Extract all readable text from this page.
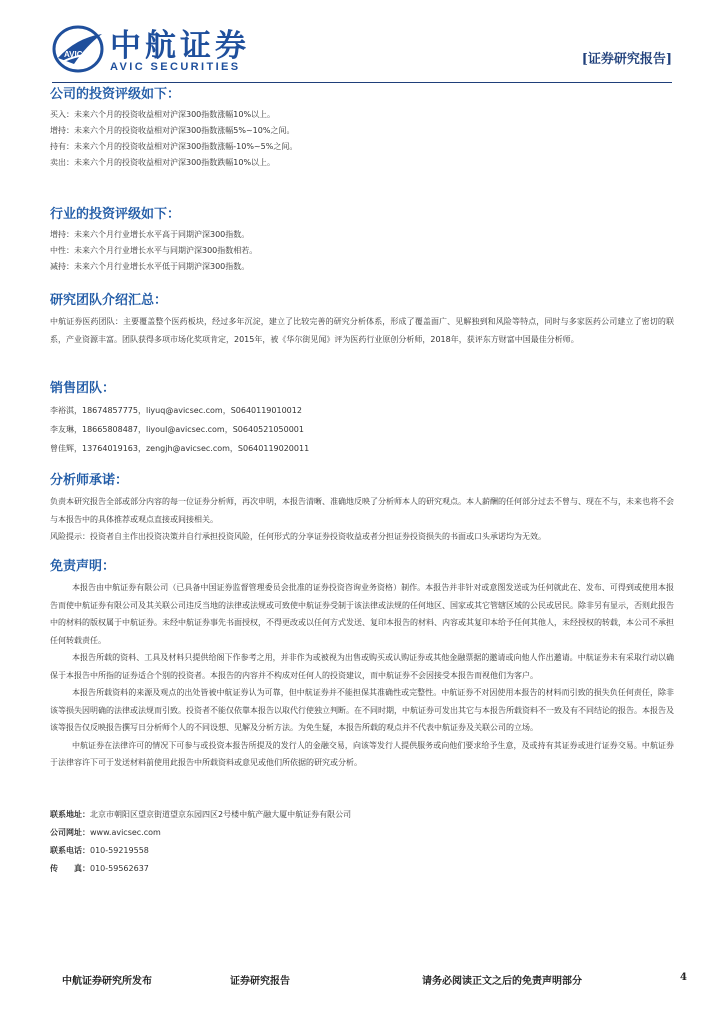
AVIC 中航证券
AVIC SECURITIES	[证券研究报告]
公司的投资评级如下：
买入：未来六个月的投资收益相对沪深300指数涨幅10%以上。
增持：未来六个月的投资收益相对沪深300指数涨幅5%~10%之间。
持有：未来六个月的投资收益相对沪深300指数涨幅-10%~5%之间。
卖出：未来六个月的投资收益相对沪深300指数跌幅10%以上。
行业的投资评级如下：
增持：未来六个月行业增长水平高于同期沪深300指数。
中性：未来六个月行业增长水平与同期沪深300指数相若。
减持：未来六个月行业增长水平低于同期沪深300指数。
研究团队介绍汇总：
中航证券医药团队：主要覆盖整个医药板块，经过多年沉淀，建立了比较完善的研究分析体系，形成了覆盖面广、见解独到和风险等特点，同时与多家医药公司建立了密切的联系，产业资源丰富。团队获得多项市场化奖项肯定，2015年，被《华尔街见闻》评为医药行业原创分析师，2018年，获评东方财富中国最佳分析师。
销售团队：
李裕淇，18674857775，liyuq@avicsec.com，S0640119010012
李友琳，18665808487，liyoul@avicsec.com，S0640521050001
曾佳辉，13764019163，zengjh@avicsec.com，S0640119020011
分析师承诺：
负责本研究报告全部或部分内容的每一位证券分析师，再次申明，本报告清晰、准确地反映了分析师本人的研究观点。本人薪酬的任何部分过去不曾与、现在不与，未来也将不会与本报告中的具体推荐或观点直接或间接相关。
风险提示：投资者自主作出投资决策并自行承担投资风险，任何形式的分享证券投资收益或者分担证券投资损失的书面或口头承诺均为无效。
免责声明：
本报告由中航证券有限公司（已具备中国证券监督管理委员会批准的证券投资咨询业务资格）制作。本报告并非针对或意图发送或为任何就此在、发布、可得到或使用本报告而使中航证券有限公司及其关联公司违反当地的法律或法规或可致使中航证券受制于该法律或法规的任何地区、国家或其它管辖区域的公民或居民。除非另有显示，否则此报告中的材料的版权属于中航证券。未经中航证券事先书面授权，不得更改或以任何方式发送、复印本报告的材料、内容或其复印本给予任何其他人，未经授权的转载，本公司不承担任何转载责任。
本报告所载的资料、工具及材料只提供给阁下作参考之用，并非作为或被视为出售或购买或认购证券或其他金融票据的邀请或向他人作出邀请。中航证券未有采取行动以确保于本报告中所指的证券适合个别的投资者。本报告的内容并不构成对任何人的投资建议，而中航证券不会因接受本报告而视他们为客户。
本报告所载资料的来源及观点的出处皆被中航证券认为可靠，但中航证券并不能担保其准确性或完整性。中航证券不对因使用本报告的材料而引致的损失负任何责任，除非该等损失因明确的法律或法规而引致。投资者不能仅依靠本报告以取代行使独立判断。在不同时期，中航证券可发出其它与本报告所载资料不一致及有不同结论的报告。本报告及该等报告仅反映报告撰写日分析师个人的不同设想、见解及分析方法。为免生疑，本报告所载的观点并不代表中航证券及关联公司的立场。
中航证券在法律许可的情况下可参与或投资本报告所提及的发行人的金融交易，向该等发行人提供服务或向他们要求给予生意，及或持有其证券或进行证券交易。中航证券于法律容许下可于发送材料前使用此报告中所载资料或意见或他们所依据的研究或分析。
联系地址：北京市朝阳区望京街道望京东园四区2号楼中航产融大厦中航证券有限公司
公司网址：www.avicsec.com
联系电话：010-59219558
传　　真：010-59562637
中航证券研究所发布	证券研究报告	请务必阅读正文之后的免责声明部分	4
